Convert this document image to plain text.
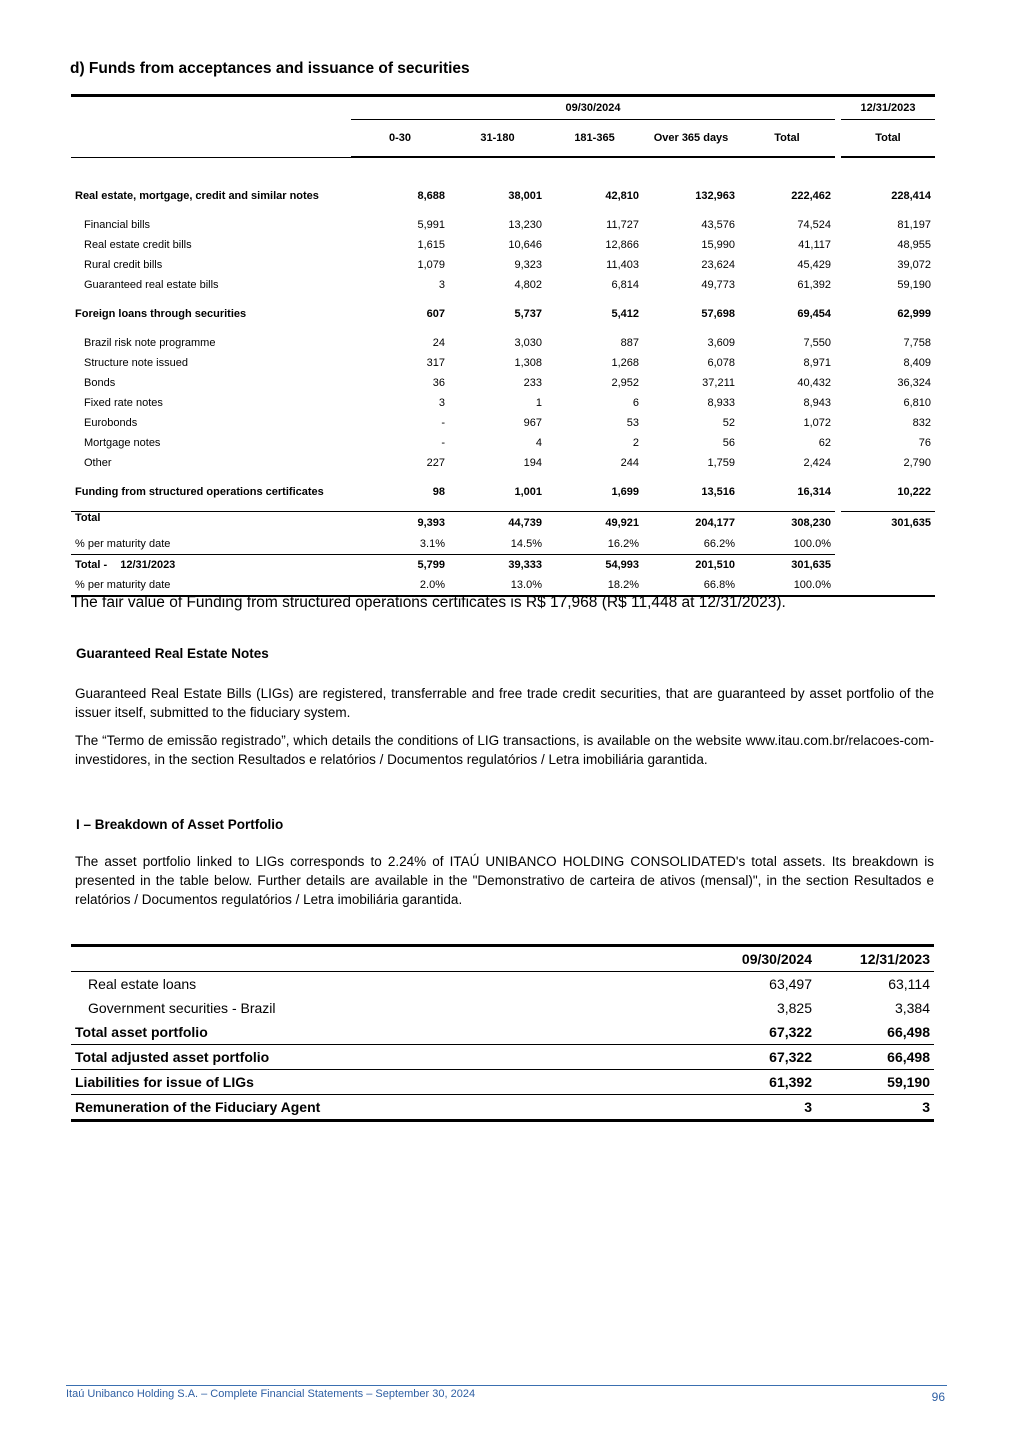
d) Funds from acceptances and issuance of securities

	09/30/2024						12/31/2023
	0-30	31-180	181-365	Over 365 days	Total		Total

Real estate, mortgage, credit and similar notes	8,688	38,001	42,810	132,963	222,462		228,414
Financial bills	5,991	13,230	11,727	43,576	74,524		81,197
Real estate credit bills	1,615	10,646	12,866	15,990	41,117		48,955
Rural credit bills	1,079	9,323	11,403	23,624	45,429		39,072
Guaranteed real estate bills	3	4,802	6,814	49,773	61,392		59,190
Foreign loans through securities	607	5,737	5,412	57,698	69,454		62,999
Brazil risk note programme	24	3,030	887	3,609	7,550		7,758
Structure note issued	317	1,308	1,268	6,078	8,971		8,409
Bonds	36	233	2,952	37,211	40,432		36,324
Fixed rate notes	3	1	6	8,933	8,943		6,810
Eurobonds	-	967	53	52	1,072		832
Mortgage notes	-	4	2	56	62		76
Other	227	194	244	1,759	2,424		2,790
Funding from structured operations certificates	98	1,001	1,699	13,516	16,314		10,222
Total	9,393	44,739	49,921	204,177	308,230		301,635
% per maturity date	3.1%	14.5%	16.2%	66.2%	100.0%		
Total - 12/31/2023	5,799	39,333	54,993	201,510	301,635		
% per maturity date	2.0%	13.0%	18.2%	66.8%	100.0%		
The fair value of Funding from structured operations certificates is R$ 17,968 (R$ 11,448 at 12/31/2023).
Guaranteed Real Estate Notes
Guaranteed Real Estate Bills (LIGs) are registered, transferrable and free trade credit securities, that are guaranteed by asset portfolio of the issuer itself, submitted to the fiduciary system.
The “Termo de emissão registrado”, which details the conditions of LIG transactions, is available on the website www.itau.com.br/relacoes-com-investidores, in the section Resultados e relatórios / Documentos regulatórios / Letra imobiliária garantida.
I – Breakdown of Asset Portfolio
The asset portfolio linked to LIGs corresponds to 2.24% of ITAÚ UNIBANCO HOLDING CONSOLIDATED's total assets. Its breakdown is presented in the table below. Further details are available in the "Demonstrativo de carteira de ativos (mensal)", in the section Resultados e relatórios / Documentos regulatórios / Letra imobiliária garantida.
	09/30/2024	12/31/2023
Real estate loans	63,497	63,114
Government securities - Brazil	3,825	3,384
Total asset portfolio	67,322	66,498
Total adjusted asset portfolio	67,322	66,498
Liabilities for issue of LIGs	61,392	59,190
Remuneration of the Fiduciary Agent	3	3
Itaú Unibanco Holding S.A. – Complete Financial Statements – September 30, 2024	96
